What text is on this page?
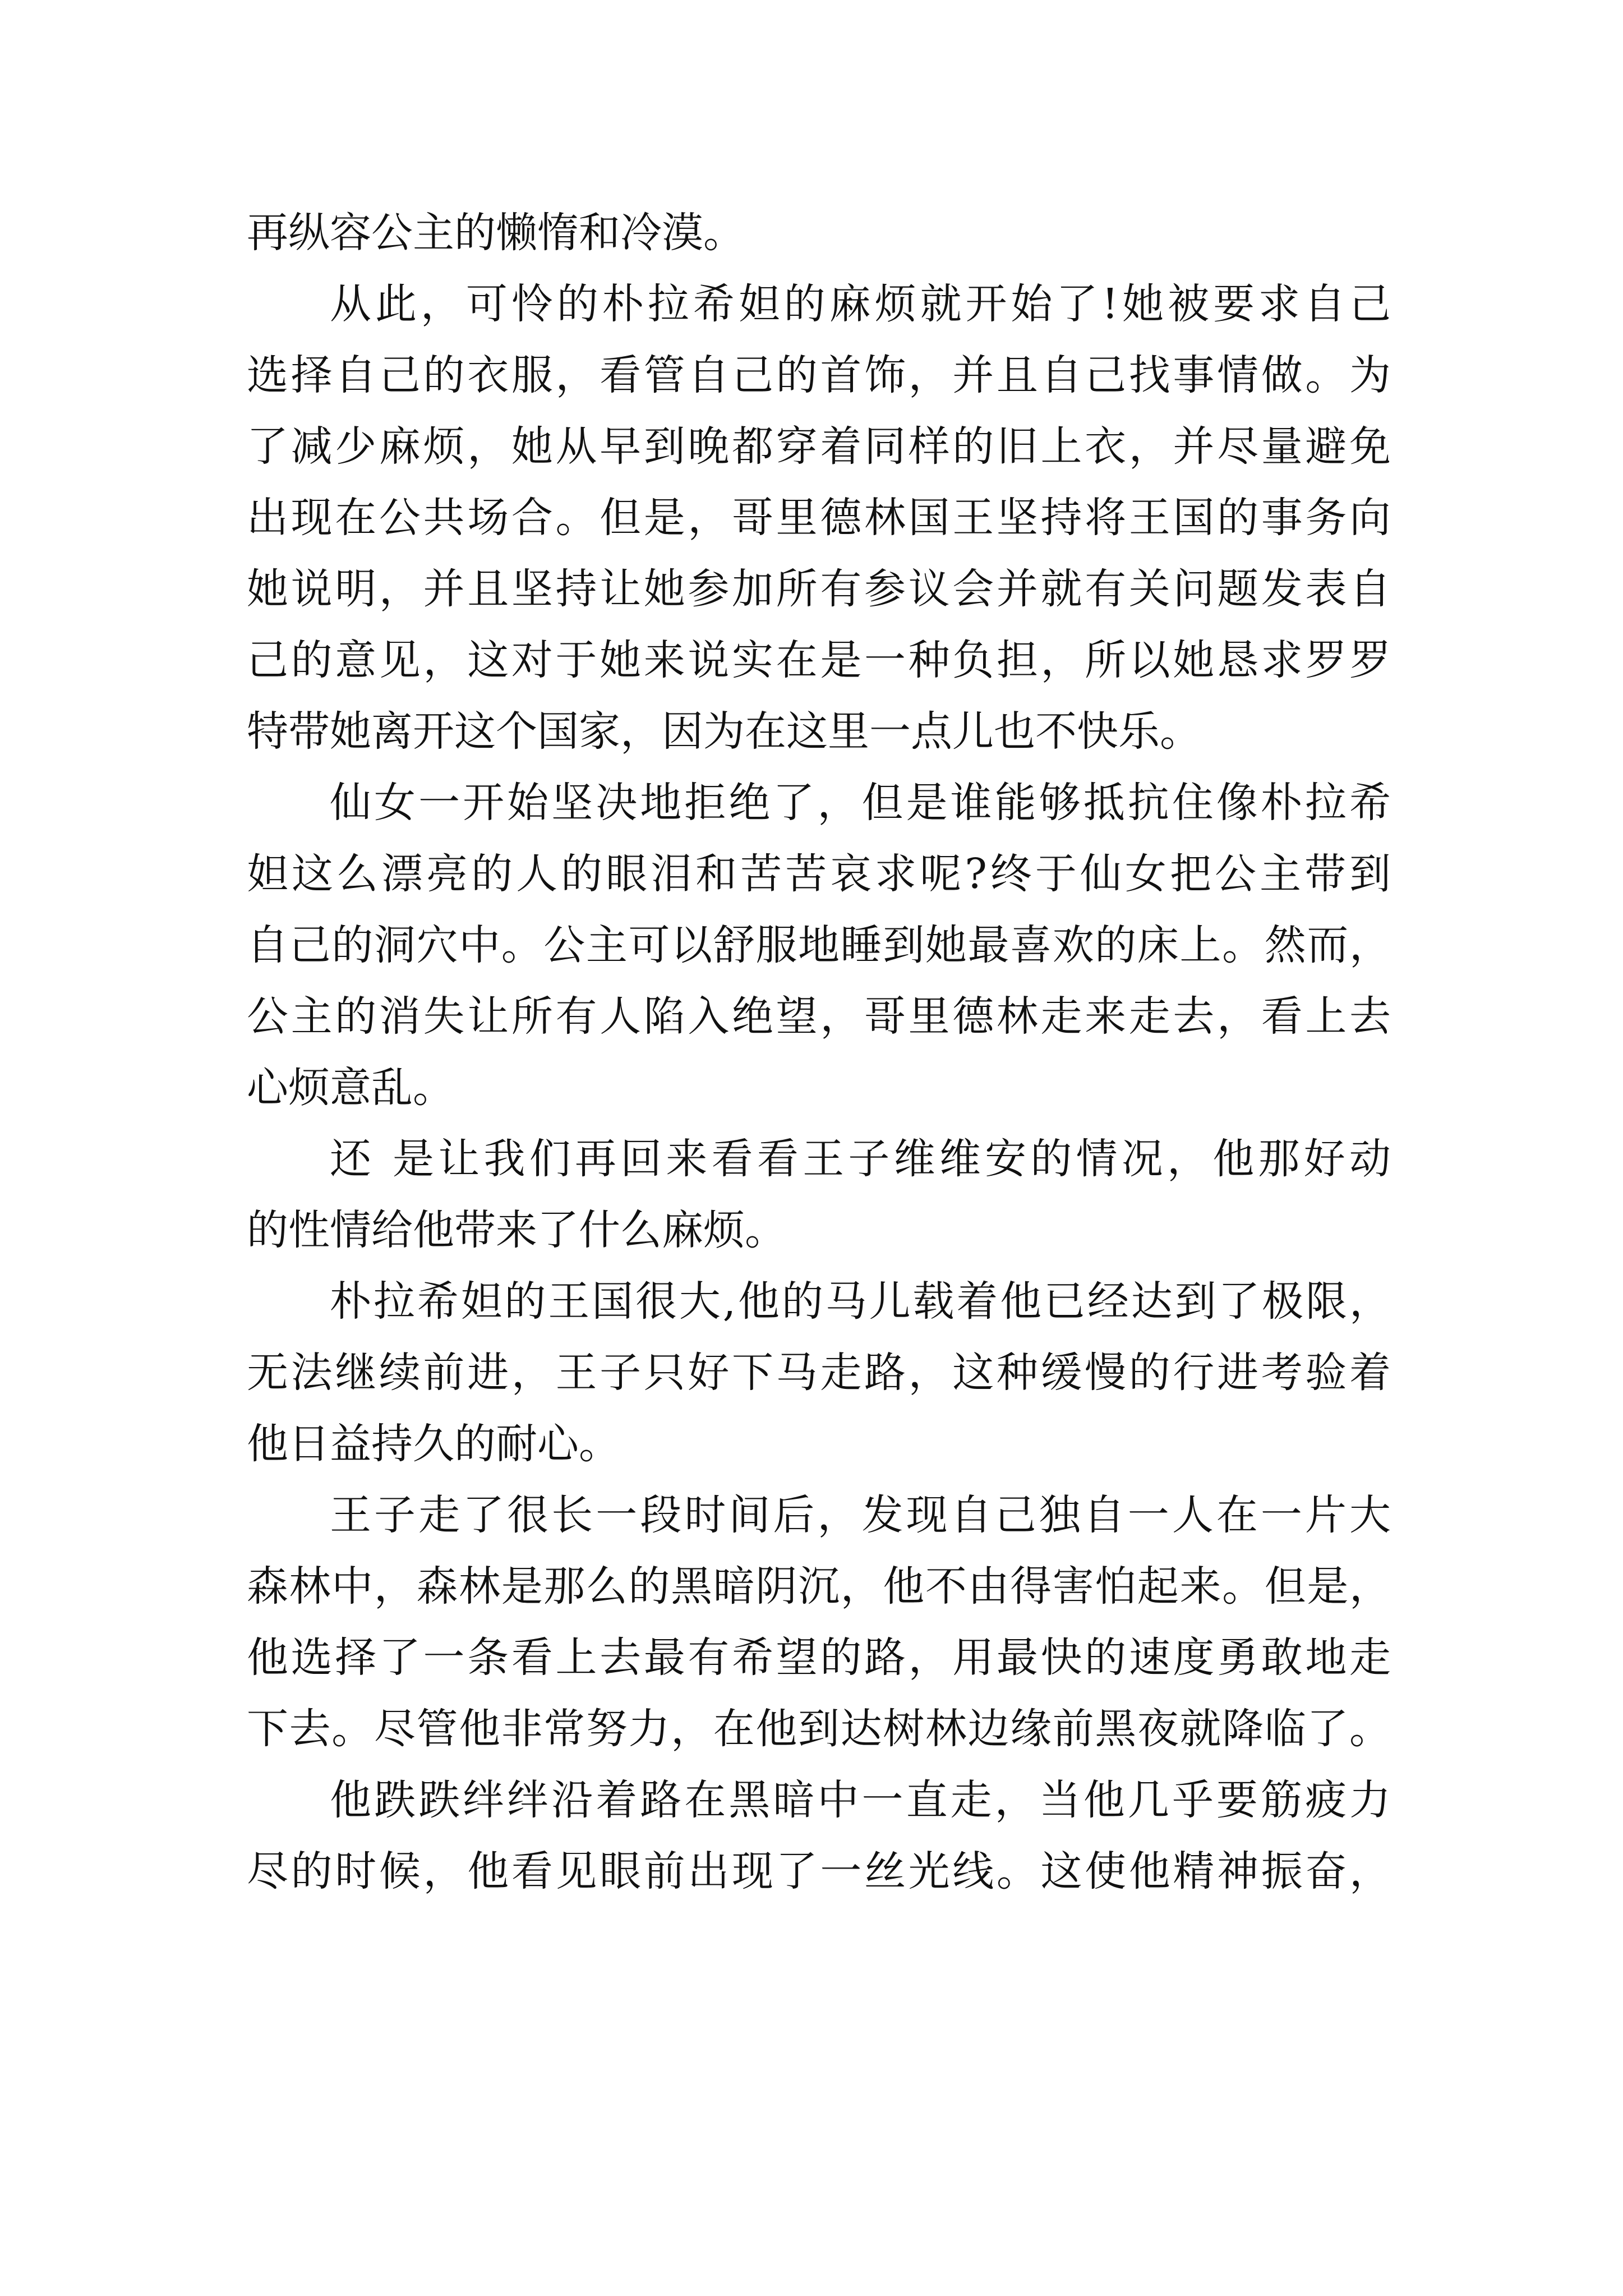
再纵容公主的懒惰和冷漠。
从此，可怜的朴拉希妲的麻烦就开始了!她被要求自己
选择自己的衣服，看管自己的首饰，并且自己找事情做。为
了减少麻烦，她从早到晚都穿着同样的旧上衣，并尽量避免
出现在公共场合。但是，哥里德林国王坚持将王国的事务向
她说明，并且坚持让她参加所有参议会并就有关问题发表自
己的意见，这对于她来说实在是一种负担，所以她恳求罗罗
特带她离开这个国家，因为在这里一点儿也不快乐。
仙女一开始坚决地拒绝了，但是谁能够抵抗住像朴拉希
妲这么漂亮的人的眼泪和苦苦哀求呢?终于仙女把公主带到
自己的洞穴中。公主可以舒服地睡到她最喜欢的床上。然而，
公主的消失让所有人陷入绝望，哥里德林走来走去，看上去
心烦意乱。
还 是让我们再回来看看王子维维安的情况，他那好动
的性情给他带来了什么麻烦。
朴拉希妲的王国很大,他的马儿载着他已经达到了极限，
无法继续前进，王子只好下马走路，这种缓慢的行进考验着
他日益持久的耐心。
王子走了很长一段时间后，发现自己独自一人在一片大
森林中，森林是那么的黑暗阴沉，他不由得害怕起来。但是，
他选择了一条看上去最有希望的路，用最快的速度勇敢地走
下去。尽管他非常努力，在他到达树林边缘前黑夜就降临了。
他跌跌绊绊沿着路在黑暗中一直走，当他几乎要筋疲力
尽的时候，他看见眼前出现了一丝光线。这使他精神振奋，
